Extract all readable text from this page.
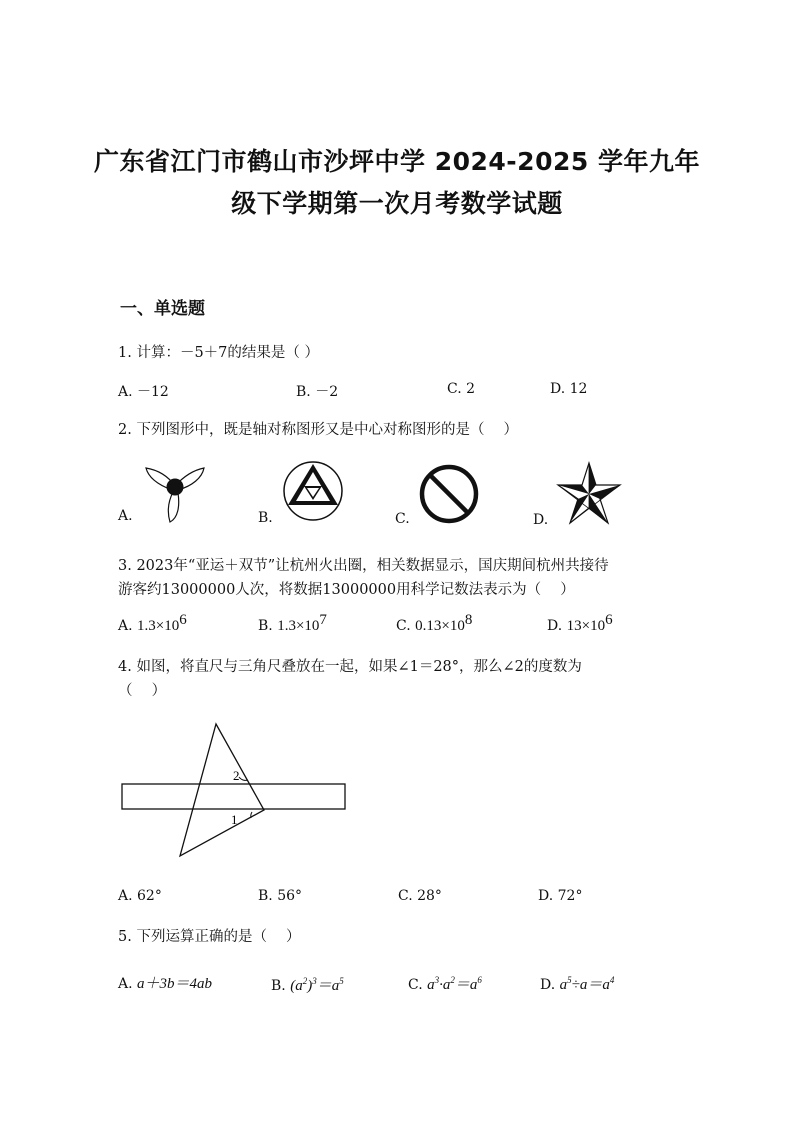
广东省江门市鹤山市沙坪中学 2024-2025 学年九年
级下学期第一次月考数学试题
一、单选题
1. 计算：－5＋7的结果是（ ）
A. －12	B. －2	C. 2	D. 12
2. 下列图形中，既是轴对称图形又是中心对称图形的是（　 ）
A.	B.	C.	D.
3. 2023年“亚运＋双节”让杭州火出圈，相关数据显示，国庆期间杭州共接待
游客约13000000人次，将数据13000000用科学记数法表示为（　 ）
A. $1.3\times 10^6$	B. $1.3\times 10^7$	C. $0.13\times 10^8$	D. $13\times 10^6$
4. 如图，将直尺与三角尺叠放在一起，如果∠1＝28°，那么∠2的度数为
（　 ）
2
1
A. 62°	B. 56°	C. 28°	D. 72°
5. 下列运算正确的是（　 ）
A. a＋3b＝4ab	B. $(a^2)^3=a^5$	C. $a^3\cdot a^2=a^6$	D. $a^5\div a=a^4$
